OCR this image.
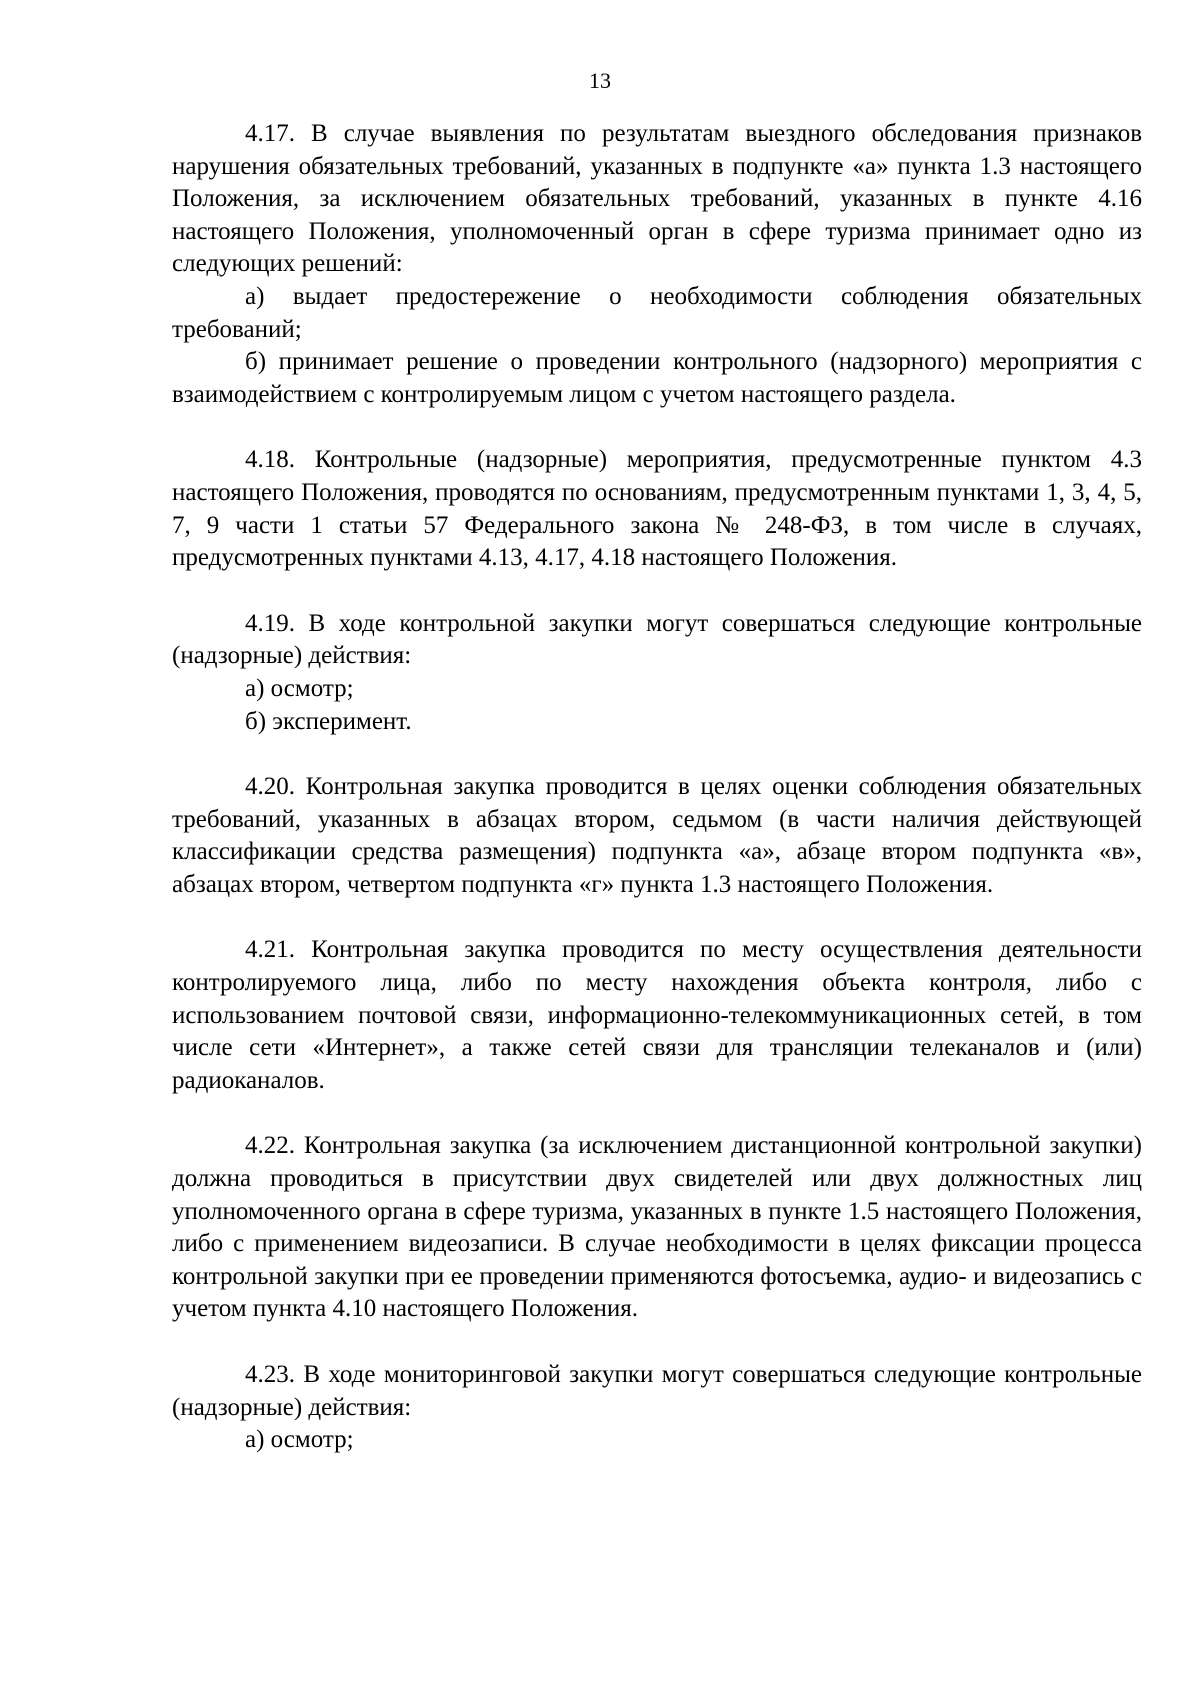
13

4.17. В случае выявления по результатам выездного обследования признаков нарушения обязательных требований, указанных в подпункте «а» пункта 1.3 настоящего Положения, за исключением обязательных требований, указанных в пункте 4.16 настоящего Положения, уполномоченный орган в сфере туризма принимает одно из следующих решений:

а) выдает предостережение о необходимости соблюдения обязательных требований;

б) принимает решение о проведении контрольного (надзорного) мероприятия с взаимодействием с контролируемым лицом с учетом настоящего раздела.

4.18. Контрольные (надзорные) мероприятия, предусмотренные пунктом 4.3 настоящего Положения, проводятся по основаниям, предусмотренным пунктами 1, 3, 4, 5, 7, 9 части 1 статьи 57 Федерального закона № 248-ФЗ, в том числе в случаях, предусмотренных пунктами 4.13, 4.17, 4.18 настоящего Положения.

4.19. В ходе контрольной закупки могут совершаться следующие контрольные (надзорные) действия:

а) осмотр;

б) эксперимент.

4.20. Контрольная закупка проводится в целях оценки соблюдения обязательных требований, указанных в абзацах втором, седьмом (в части наличия действующей классификации средства размещения) подпункта «а», абзаце втором подпункта «в», абзацах втором, четвертом подпункта «г» пункта 1.3 настоящего Положения.

4.21. Контрольная закупка проводится по месту осуществления деятельности контролируемого лица, либо по месту нахождения объекта контроля, либо с использованием почтовой связи, информационно-телекоммуникационных сетей, в том числе сети «Интернет», а также сетей связи для трансляции телеканалов и (или) радиоканалов.

4.22. Контрольная закупка (за исключением дистанционной контрольной закупки) должна проводиться в присутствии двух свидетелей или двух должностных лиц уполномоченного органа в сфере туризма, указанных в пункте 1.5 настоящего Положения, либо с применением видеозаписи. В случае необходимости в целях фиксации процесса контрольной закупки при ее проведении применяются фотосъемка, аудио- и видеозапись с учетом пункта 4.10 настоящего Положения.

4.23. В ходе мониторинговой закупки могут совершаться следующие контрольные (надзорные) действия:

а) осмотр;
